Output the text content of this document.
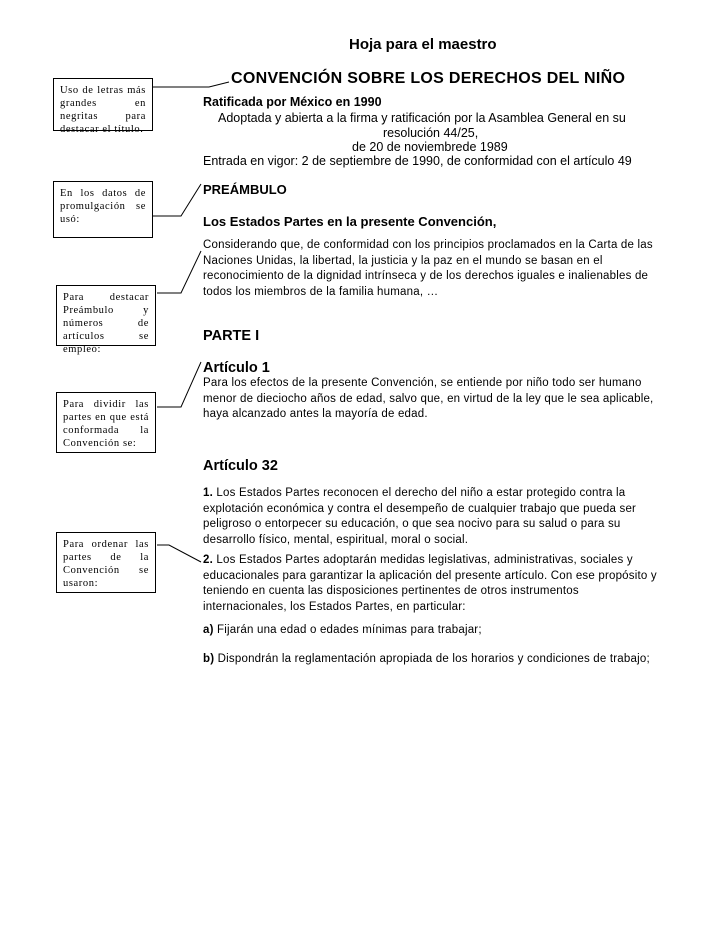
Hoja para el maestro
Uso de letras más grandes en negritas para destacar el título.
En los datos de promulgación se usó:
Para destacar Preámbulo y números de artículos se empleó:
Para dividir las partes en que está conformada la Convención se:
Para ordenar las partes de la Convención se usaron:
CONVENCIÓN SOBRE LOS DERECHOS DEL NIÑO
Ratificada por México en 1990
Adoptada y abierta a la firma y ratificación por la Asamblea General en su
resolución 44/25,
de 20 de noviembrede 1989
Entrada en vigor: 2 de septiembre de 1990, de conformidad con el artículo 49
PREÁMBULO
Los Estados Partes en la presente Convención,
Considerando que, de conformidad con los principios proclamados en la Carta de las Naciones Unidas, la libertad, la justicia y la paz en el mundo se basan en el reconocimiento de la dignidad intrínseca y de los derechos iguales e inalienables de todos los miembros de la familia humana, …
PARTE I
Artículo 1
Para los efectos de la presente Convención, se entiende por niño todo ser humano menor de dieciocho años de edad, salvo que, en virtud de la ley que le sea aplicable, haya alcanzado antes la mayoría de edad.
Artículo 32
1. Los Estados Partes reconocen el derecho del niño a estar protegido contra la explotación económica y contra el desempeño de cualquier trabajo que pueda ser peligroso o entorpecer su educación, o que sea nocivo para su salud o para su desarrollo físico, mental, espiritual, moral o social.
2. Los Estados Partes adoptarán medidas legislativas, administrativas, sociales y educacionales para garantizar la aplicación del presente artículo. Con ese propósito y teniendo en cuenta las disposiciones pertinentes de otros instrumentos internacionales, los Estados Partes, en particular:
a) Fijarán una edad o edades mínimas para trabajar;
b) Dispondrán la reglamentación apropiada de los horarios y condiciones de trabajo;
